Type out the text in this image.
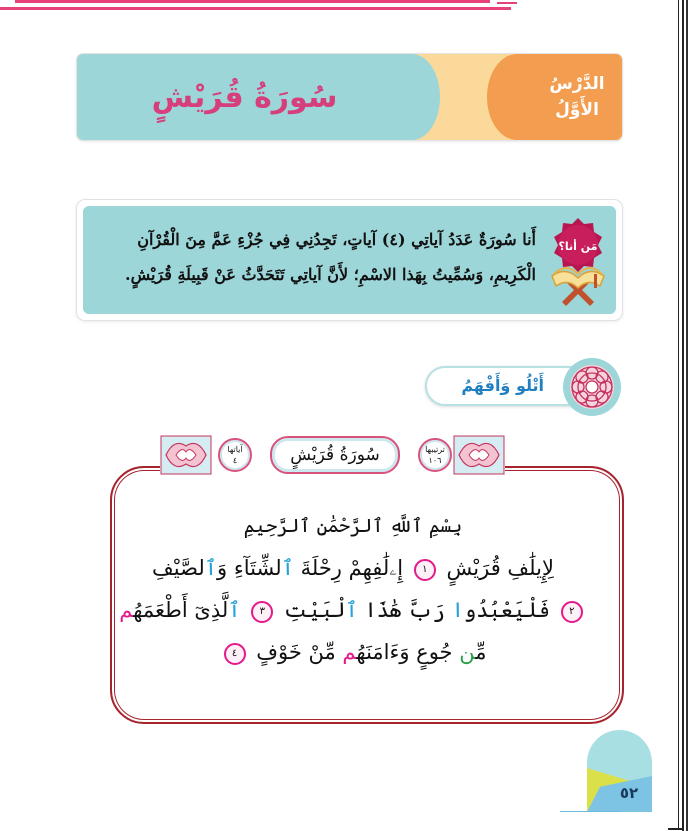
سُورَةُ قُرَيْشٍ	الدَّرْسُ
الأَوَّلُ
مَن أنا؟
أَنا سُورَةٌ عَدَدُ آياتِي (٤) آياتٍ، تَجِدُنِي فِي جُزْءِ عَمَّ مِنَ الْقُرْآنِ الْكَرِيمِ، وَسُمِّيتُ بِهَذا الاسْمِ؛ لأَنَّ آياتِي تَتَحَدَّثُ عَنْ قَبِيلَةِ قُرَيْشٍ.
أَتْلُو وَأَفْهَمُ
آياتها
٤	سُورَةُ قُرَيْشٍ	ترتيبها
١٠٦
بِسْمِ ٱللَّهِ ٱلرَّحْمَٰنِ ٱلرَّحِيمِ
لِإِيلَٰفِ قُرَيْشٍ ١ إِۦلَٰفِهِمْ رِحْلَةَ ٱلشِّتَآءِ وَٱلصَّيْفِ
٢ فَلْيَعْبُدُوا رَبَّ هَٰذَا ٱلْبَيْتِ ٣ ٱلَّذِىٓ أَطْعَمَهُم
مِّن جُوعٍ وَءَامَنَهُم مِّنْ خَوْفٍ ٤
٥٢
